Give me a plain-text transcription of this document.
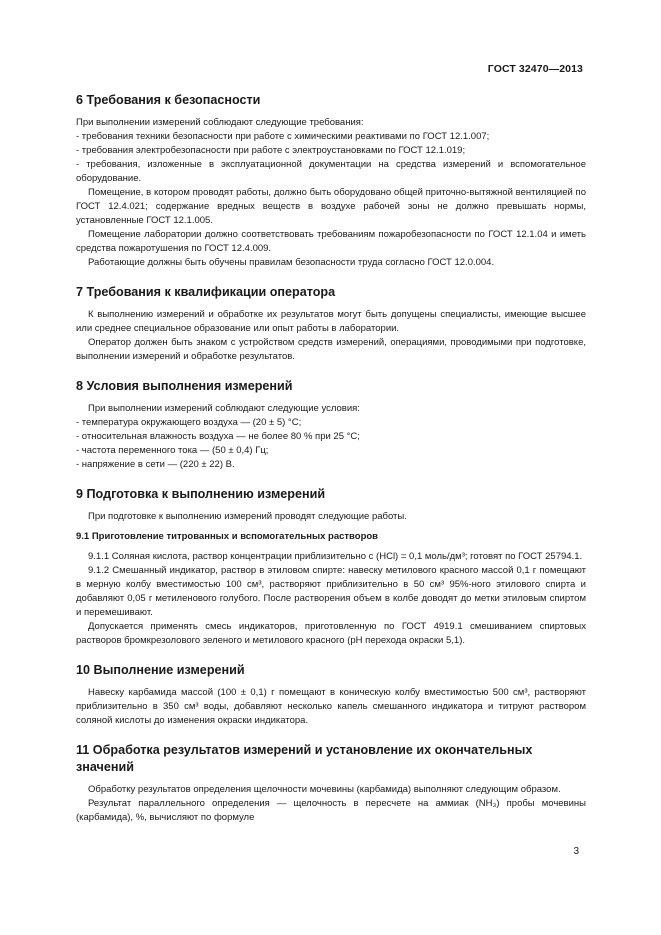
ГОСТ 32470—2013
6 Требования к безопасности

При выполнении измерений соблюдают следующие требования:

- требования техники безопасности при работе с химическими реактивами по ГОСТ 12.1.007;

- требования электробезопасности при работе с электроустановками по ГОСТ 12.1.019;

- требования, изложенные в эксплуатационной документации на средства измерений и вспомогательное оборудование.

Помещение, в котором проводят работы, должно быть оборудовано общей приточно-вытяжной вентиляцией по ГОСТ 12.4.021; содержание вредных веществ в воздухе рабочей зоны не должно превышать нормы, установленные ГОСТ 12.1.005.

Помещение лаборатории должно соответствовать требованиям пожаробезопасности по ГОСТ 12.1.04 и иметь средства пожаротушения по ГОСТ 12.4.009.

Работающие должны быть обучены правилам безопасности труда согласно ГОСТ 12.0.004.

7 Требования к квалификации оператора

К выполнению измерений и обработке их результатов могут быть допущены специалисты, имеющие высшее или среднее специальное образование или опыт работы в лаборатории.

Оператор должен быть знаком с устройством средств измерений, операциями, проводимыми при подготовке, выполнении измерений и обработке результатов.

8 Условия выполнения измерений

При выполнении измерений соблюдают следующие условия:

- температура окружающего воздуха — (20 ± 5) °С;

- относительная влажность воздуха — не более 80 % при 25 °С;

- частота переменного тока — (50 ± 0,4) Гц;

- напряжение в сети — (220 ± 22) В.

9 Подготовка к выполнению измерений

При подготовке к выполнению измерений проводят следующие работы.

9.1 Приготовление титрованных и вспомогательных растворов

9.1.1 Соляная кислота, раствор концентрации приблизительно c (HCl) = 0,1 моль/дм³; готовят по ГОСТ 25794.1.

9.1.2 Смешанный индикатор, раствор в этиловом спирте: навеску метилового красного массой 0,1 г помещают в мерную колбу вместимостью 100 см³, растворяют приблизительно в 50 см³ 95%-ного этилового спирта и добавляют 0,05 г метиленового голубого. После растворения объем в колбе доводят до метки этиловым спиртом и перемешивают.

Допускается применять смесь индикаторов, приготовленную по ГОСТ 4919.1 смешиванием спиртовых растворов бромкрезолового зеленого и метилового красного (рН перехода окраски 5,1).

10 Выполнение измерений

Навеску карбамида массой (100 ± 0,1) г помещают в коническую колбу вместимостью 500 см³, растворяют приблизительно в 350 см³ воды, добавляют несколько капель смешанного индикатора и титруют раствором соляной кислоты до изменения окраски индикатора.

11 Обработка результатов измерений и установление их окончательных значений

Обработку результатов определения щелочности мочевины (карбамида) выполняют следующим образом.

Результат параллельного определения — щелочность в пересчете на аммиак (NH₃) пробы мочевины (карбамида), %, вычисляют по формуле

3
